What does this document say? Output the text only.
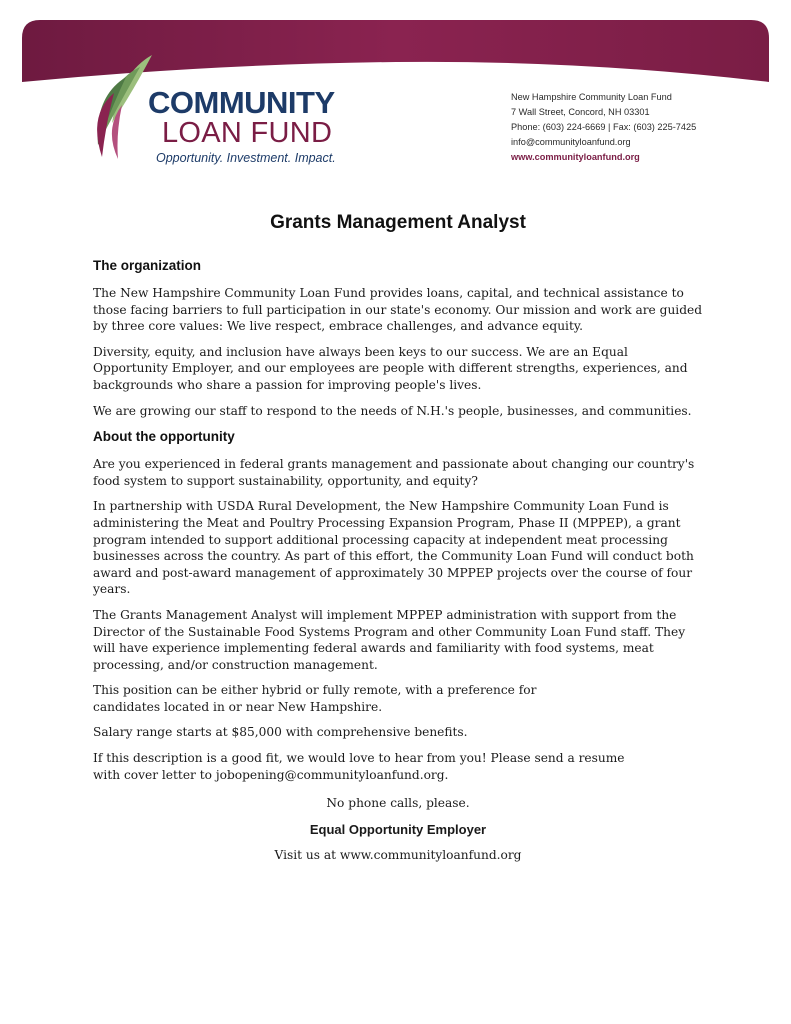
COMMUNITY
LOAN FUND
Opportunity. Investment. Impact.
New Hampshire Community Loan Fund
7 Wall Street, Concord, NH 03301
Phone: (603) 224-6669 | Fax: (603) 225-7425
info@communityloanfund.org
www.communityloanfund.org
Grants Management Analyst
The organization

The New Hampshire Community Loan Fund provides loans, capital, and technical assistance to those facing barriers to full participation in our state's economy. Our mission and work are guided by three core values: We live respect, embrace challenges, and advance equity.

Diversity, equity, and inclusion have always been keys to our success. We are an Equal Opportunity Employer, and our employees are people with different strengths, experiences, and backgrounds who share a passion for improving people's lives.

We are growing our staff to respond to the needs of N.H.'s people, businesses, and communities.

About the opportunity

Are you experienced in federal grants management and passionate about changing our country's food system to support sustainability, opportunity, and equity?

In partnership with USDA Rural Development, the New Hampshire Community Loan Fund is administering the Meat and Poultry Processing Expansion Program, Phase II (MPPEP), a grant program intended to support additional processing capacity at independent meat processing businesses across the country. As part of this effort, the Community Loan Fund will conduct both award and post-award management of approximately 30 MPPEP projects over the course of four years.

The Grants Management Analyst will implement MPPEP administration with support from the Director of the Sustainable Food Systems Program and other Community Loan Fund staff. They will have experience implementing federal awards and familiarity with food systems, meat processing, and/or construction management.

This position can be either hybrid or fully remote, with a preference for candidates located in or near New Hampshire.

Salary range starts at $85,000 with comprehensive benefits.

If this description is a good fit, we would love to hear from you! Please send a resume with cover letter to jobopening@communityloanfund.org.

No phone calls, please.

Equal Opportunity Employer

Visit us at www.communityloanfund.org
